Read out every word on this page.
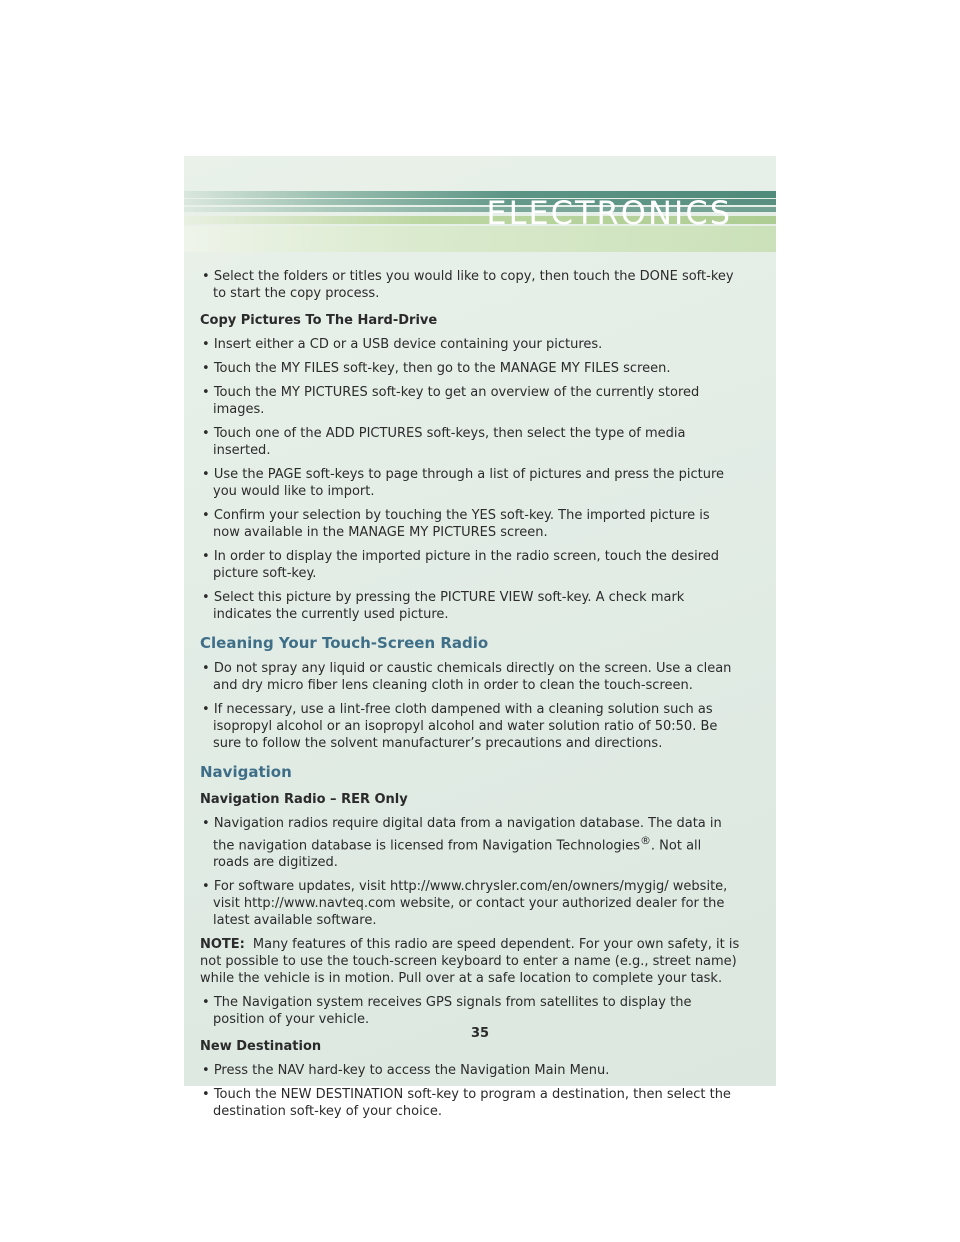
ELECTRONICS

• Select the folders or titles you would like to copy, then touch the DONE soft-key to start the copy process.

Copy Pictures To The Hard-Drive

• Insert either a CD or a USB device containing your pictures.

• Touch the MY FILES soft-key, then go to the MANAGE MY FILES screen.

• Touch the MY PICTURES soft-key to get an overview of the currently stored images.

• Touch one of the ADD PICTURES soft-keys, then select the type of media inserted.

• Use the PAGE soft-keys to page through a list of pictures and press the picture you would like to import.

• Confirm your selection by touching the YES soft-key. The imported picture is now available in the MANAGE MY PICTURES screen.

• In order to display the imported picture in the radio screen, touch the desired picture soft-key.

• Select this picture by pressing the PICTURE VIEW soft-key. A check mark indicates the currently used picture.

Cleaning Your Touch-Screen Radio

• Do not spray any liquid or caustic chemicals directly on the screen. Use a clean and dry micro fiber lens cleaning cloth in order to clean the touch-screen.

• If necessary, use a lint-free cloth dampened with a cleaning solution such as isopropyl alcohol or an isopropyl alcohol and water solution ratio of 50:50. Be sure to follow the solvent manufacturer’s precautions and directions.

Navigation
Navigation Radio – RER Only

• Navigation radios require digital data from a navigation database. The data in the navigation database is licensed from Navigation Technologies®. Not all roads are digitized.

• For software updates, visit http://www.chrysler.com/en/owners/mygig/ website, visit http://www.navteq.com website, or contact your authorized dealer for the latest available software.

NOTE: Many features of this radio are speed dependent. For your own safety, it is not possible to use the touch-screen keyboard to enter a name (e.g., street name) while the vehicle is in motion. Pull over at a safe location to complete your task.

• The Navigation system receives GPS signals from satellites to display the position of your vehicle.

New Destination

• Press the NAV hard-key to access the Navigation Main Menu.

• Touch the NEW DESTINATION soft-key to program a destination, then select the destination soft-key of your choice.

35
